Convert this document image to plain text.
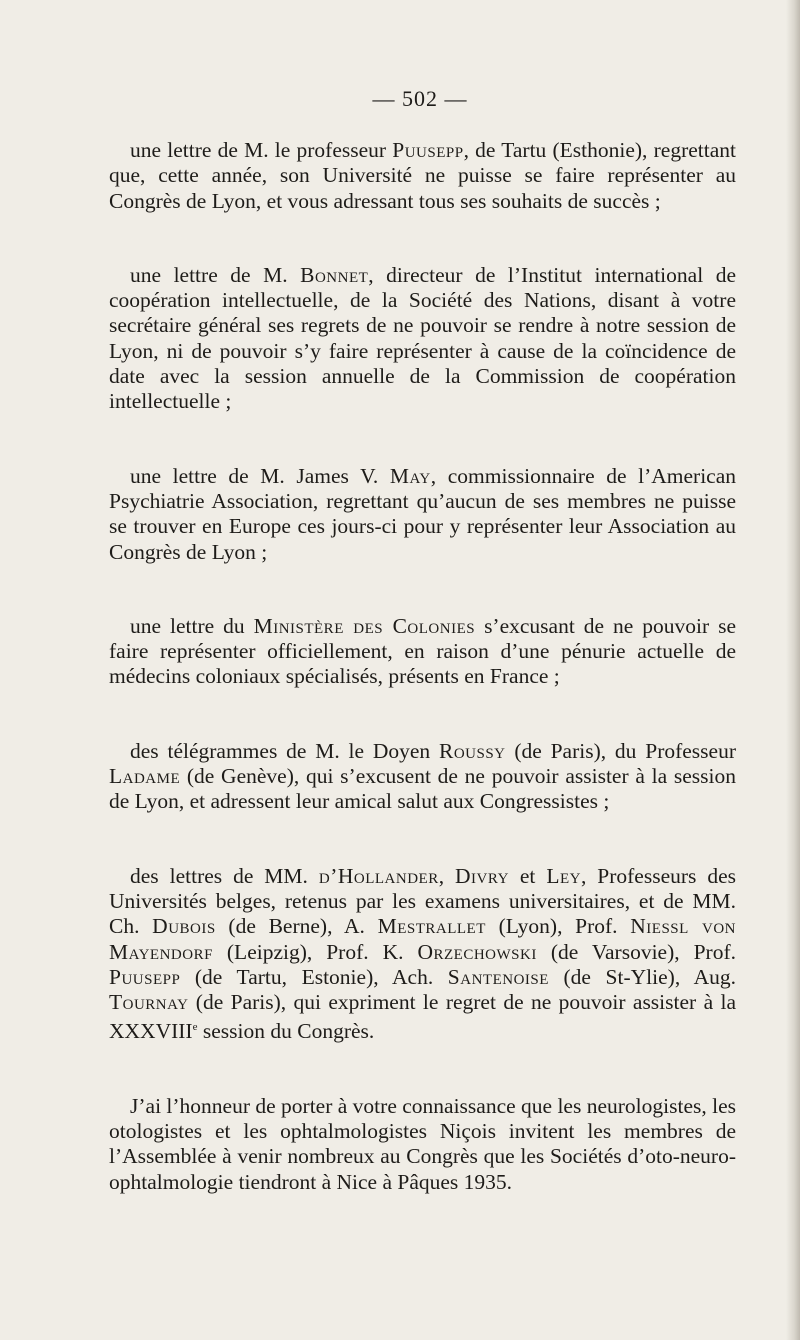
— 502 —

une lettre de M. le professeur Puusepp, de Tartu (Esthonie), regrettant que, cette année, son Université ne puisse se faire représenter au Congrès de Lyon, et vous adressant tous ses souhaits de succès ;

une lettre de M. Bonnet, directeur de l’Institut international de coopération intellectuelle, de la Société des Nations, disant à votre secrétaire général ses regrets de ne pouvoir se rendre à notre session de Lyon, ni de pouvoir s’y faire représenter à cause de la coïncidence de date avec la session annuelle de la Commission de coopération intellectuelle ;

une lettre de M. James V. May, commissionnaire de l’American Psychiatrie Association, regrettant qu’aucun de ses membres ne puisse se trouver en Europe ces jours-ci pour y représenter leur Association au Congrès de Lyon ;

une lettre du Ministère des Colonies s’excusant de ne pouvoir se faire représenter officiellement, en raison d’une pénurie actuelle de médecins coloniaux spécialisés, présents en France ;

des télégrammes de M. le Doyen Roussy (de Paris), du Professeur Ladame (de Genève), qui s’excusent de ne pouvoir assister à la session de Lyon, et adressent leur amical salut aux Congressistes ;

des lettres de MM. d’Hollander, Divry et Ley, Professeurs des Universités belges, retenus par les examens universitaires, et de MM. Ch. Dubois (de Berne), A. Mestrallet (Lyon), Prof. Niessl von Mayendorf (Leipzig), Prof. K. Orzechowski (de Varsovie), Prof. Puusepp (de Tartu, Estonie), Ach. Santenoise (de St-Ylie), Aug. Tournay (de Paris), qui expriment le regret de ne pouvoir assister à la XXXVIIIe session du Congrès.

J’ai l’honneur de porter à votre connaissance que les neurologistes, les otologistes et les ophtalmologistes Niçois invitent les membres de l’Assemblée à venir nombreux au Congrès que les Sociétés d’oto-neuro-ophtalmologie tiendront à Nice à Pâques 1935.
